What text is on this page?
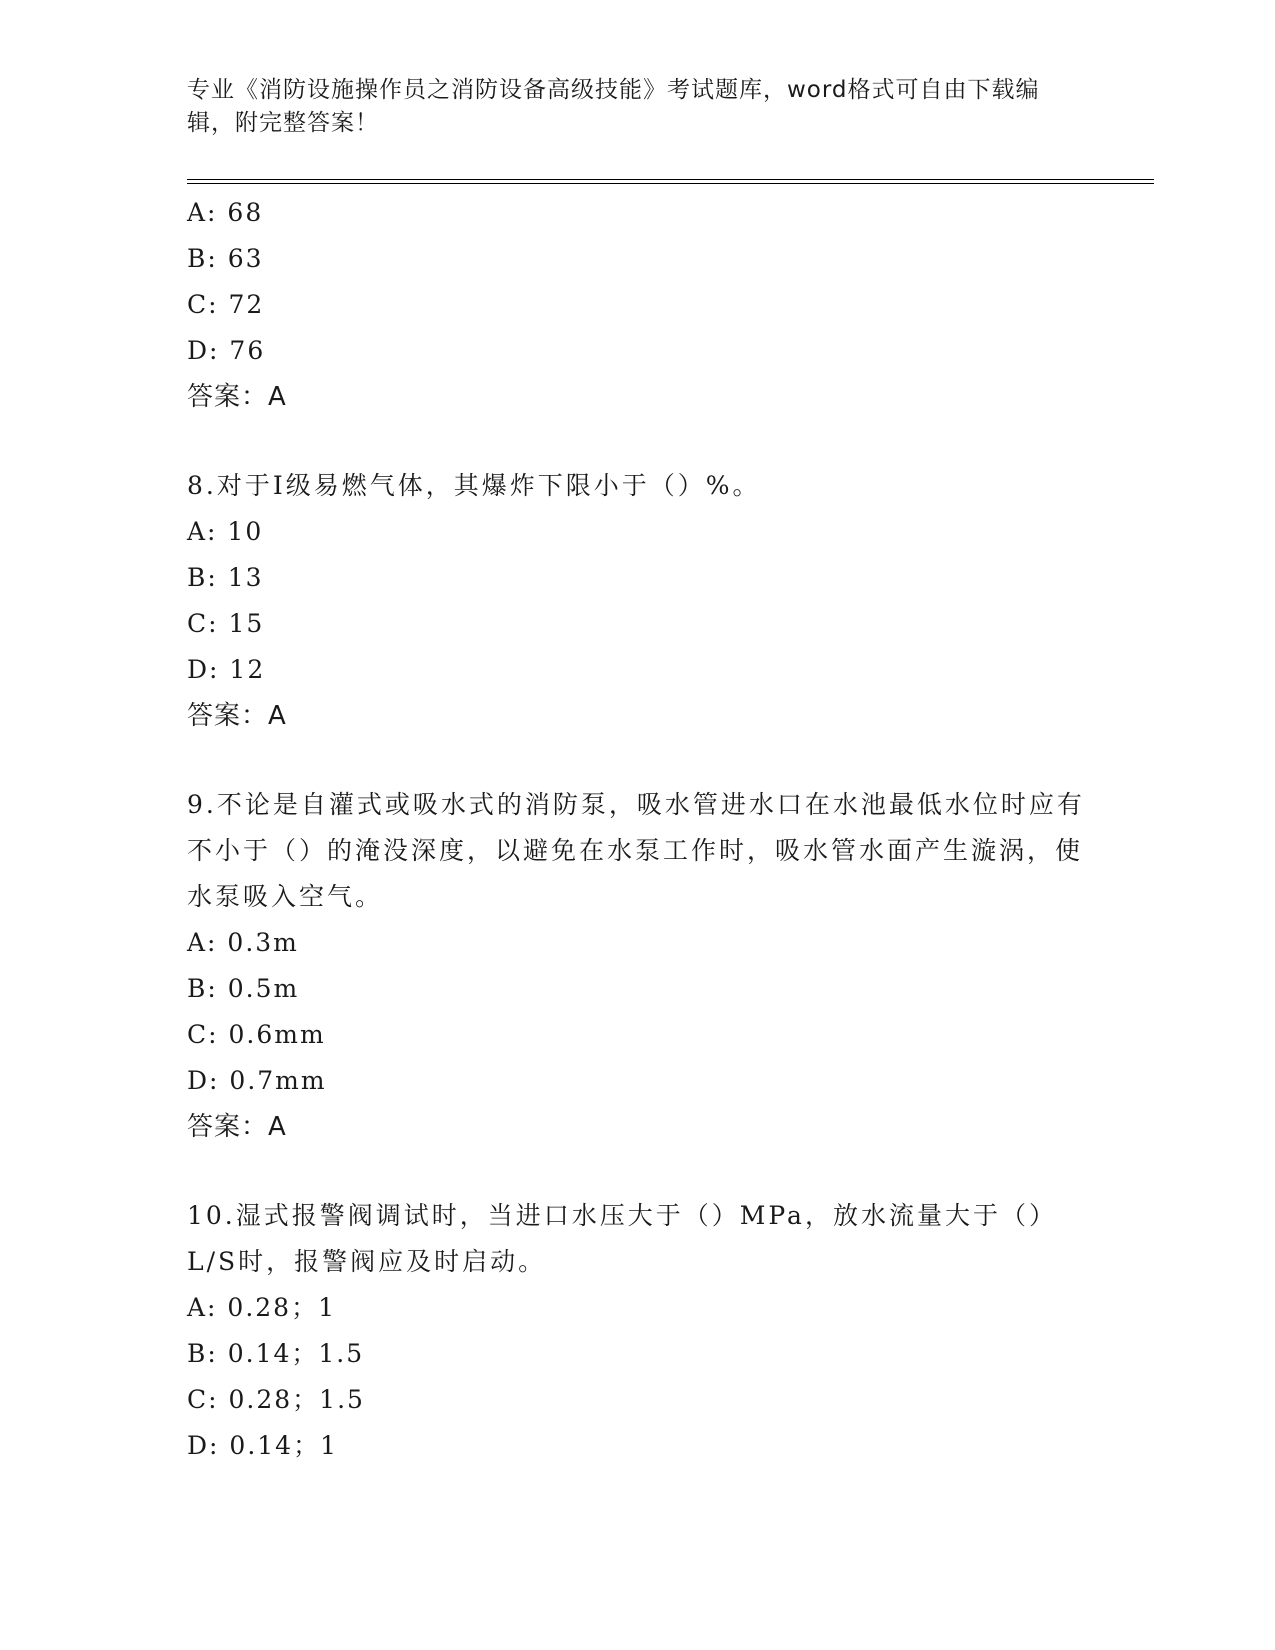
专业《消防设施操作员之消防设备高级技能》考试题库，word格式可自由下载编辑，附完整答案！
A: 68
B: 63
C: 72
D: 76
答案：A
8.对于Ⅰ级易燃气体，其爆炸下限小于（）%。
A: 10
B: 13
C: 15
D: 12
答案：A
9.不论是自灌式或吸水式的消防泵，吸水管进水口在水池最低水位时应有不小于（）的淹没深度，以避免在水泵工作时，吸水管水面产生漩涡，使水泵吸入空气。
A: 0.3m
B: 0.5m
C: 0.6mm
D: 0.7mm
答案：A
10.湿式报警阀调试时，当进口水压大于（）MPa，放水流量大于（）L/S时，报警阀应及时启动。
A: 0.28；1
B: 0.14；1.5
C: 0.28；1.5
D: 0.14；1
